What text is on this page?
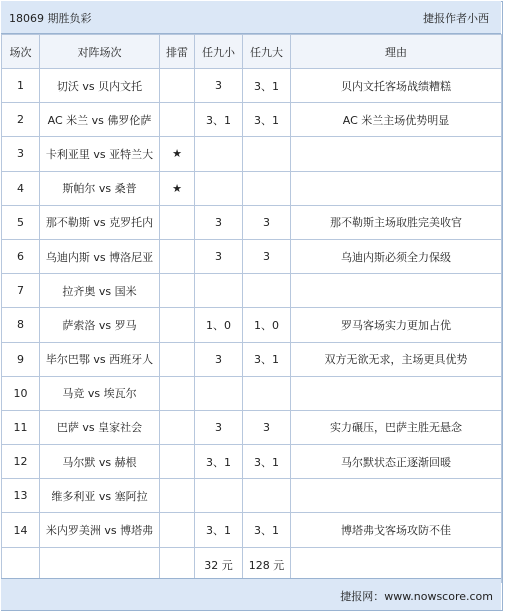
18069 期胜负彩	捷报作者小西
场次	对阵场次	排雷	任九小	任九大	理由
1	切沃 vs 贝内文托		3	3、1	贝内文托客场战绩糟糕
2	AC 米兰 vs 佛罗伦萨		3、1	3、1	AC 米兰主场优势明显
3	卡利亚里 vs 亚特兰大	★			
4	斯帕尔 vs 桑普	★			
5	那不勒斯 vs 克罗托内		3	3	那不勒斯主场取胜完美收官
6	乌迪内斯 vs 博洛尼亚		3	3	乌迪内斯必须全力保级
7	拉齐奥 vs 国米				
8	萨索洛 vs 罗马		1、0	1、0	罗马客场实力更加占优
9	毕尔巴鄂 vs 西班牙人		3	3、1	双方无欲无求，主场更具优势
10	马竞 vs 埃瓦尔				
11	巴萨 vs 皇家社会		3	3	实力碾压，巴萨主胜无悬念
12	马尔默 vs 赫根		3、1	3、1	马尔默状态正逐渐回暖
13	维多利亚 vs 塞阿拉				
14	米内罗美洲 vs 博塔弗		3、1	3、1	博塔弗戈客场攻防不佳
			32 元	128 元	
捷报网：www.nowscore.com
